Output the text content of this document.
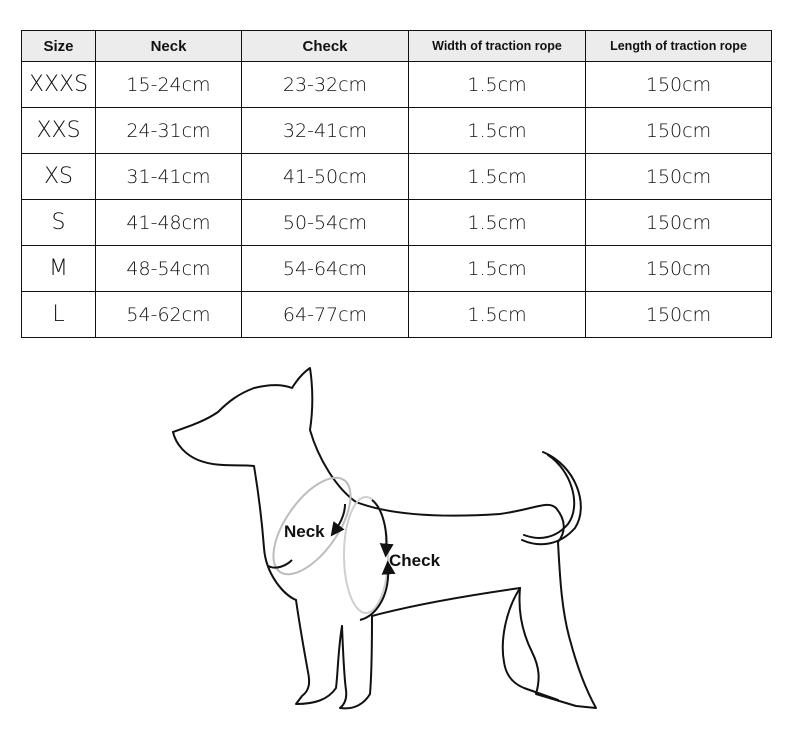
Size	Neck	Check	Width of traction rope	Length of traction rope
XXXS	15-24cm	23-32cm	1.5cm	150cm
XXS	24-31cm	32-41cm	1.5cm	150cm
XS	31-41cm	41-50cm	1.5cm	150cm
S	41-48cm	50-54cm	1.5cm	150cm
M	48-54cm	54-64cm	1.5cm	150cm
L	54-62cm	64-77cm	1.5cm	150cm
Neck
Check
